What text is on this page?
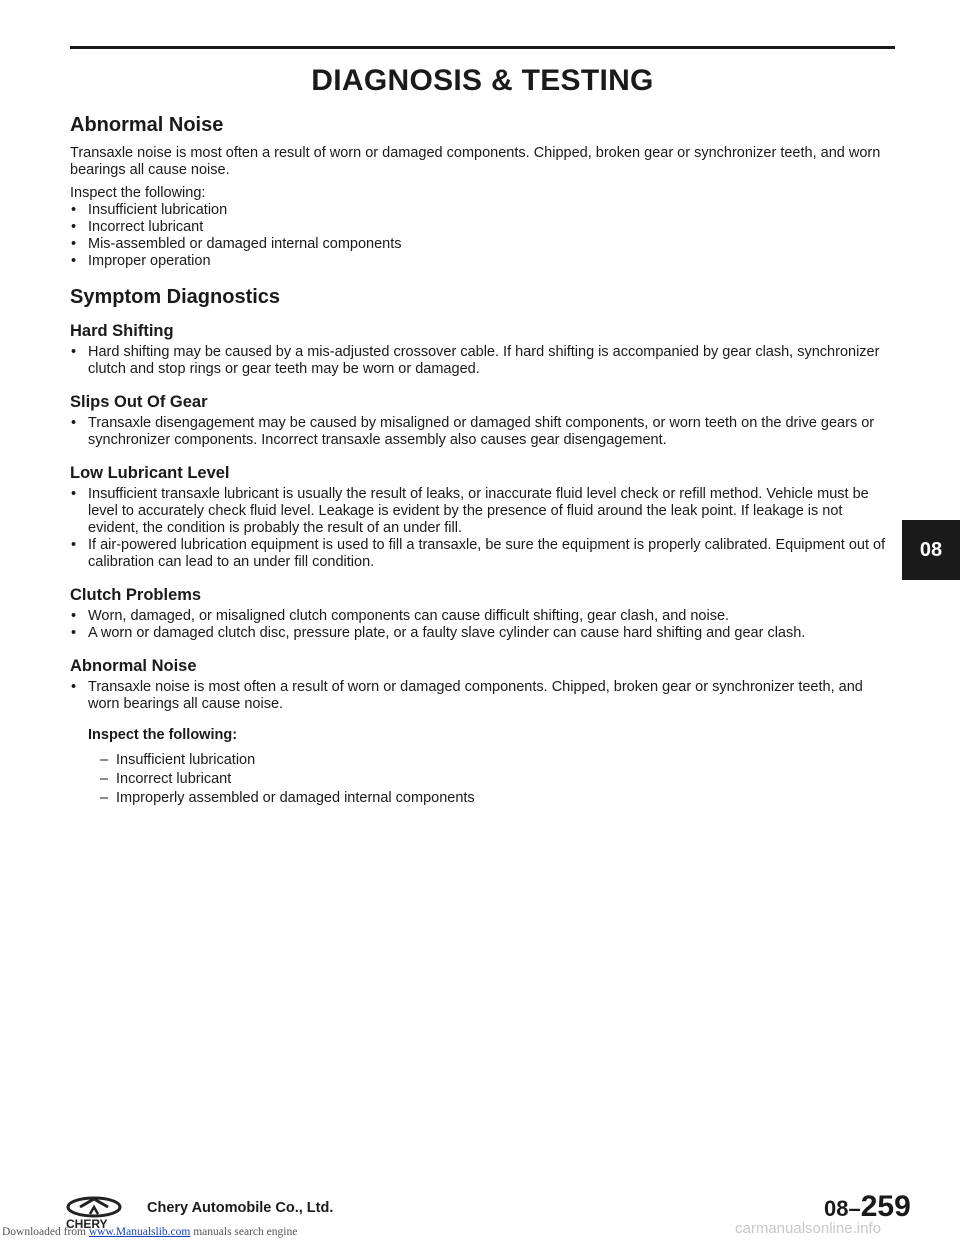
DIAGNOSIS & TESTING
Abnormal Noise

Transaxle noise is most often a result of worn or damaged components. Chipped, broken gear or synchronizer teeth, and worn bearings all cause noise.

Inspect the following:

• Insufficient lubrication
• Incorrect lubricant
• Mis-assembled or damaged internal components
• Improper operation
Symptom Diagnostics
Hard Shifting
• Hard shifting may be caused by a mis-adjusted crossover cable. If hard shifting is accompanied by gear clash, synchronizer clutch and stop rings or gear teeth may be worn or damaged.
Slips Out Of Gear
• Transaxle disengagement may be caused by misaligned or damaged shift components, or worn teeth on the drive gears or synchronizer components. Incorrect transaxle assembly also causes gear disengagement.
Low Lubricant Level
• Insufficient transaxle lubricant is usually the result of leaks, or inaccurate fluid level check or refill method. Vehicle must be level to accurately check fluid level. Leakage is evident by the presence of fluid around the leak point. If leakage is not evident, the condition is probably the result of an under fill.
• If air-powered lubrication equipment is used to fill a transaxle, be sure the equipment is properly calibrated. Equipment out of calibration can lead to an under fill condition.
Clutch Problems
• Worn, damaged, or misaligned clutch components can cause difficult shifting, gear clash, and noise.
• A worn or damaged clutch disc, pressure plate, or a faulty slave cylinder can cause hard shifting and gear clash.
Abnormal Noise
• Transaxle noise is most often a result of worn or damaged components. Chipped, broken gear or synchronizer teeth, and worn bearings all cause noise.

Inspect the following:

– Insufficient lubrication
– Incorrect lubricant
– Improperly assembled or damaged internal components
08
CHERY
Chery Automobile Co., Ltd.	08–259
Downloaded from www.Manualslib.com manuals search engine	carmanualsonline.info
